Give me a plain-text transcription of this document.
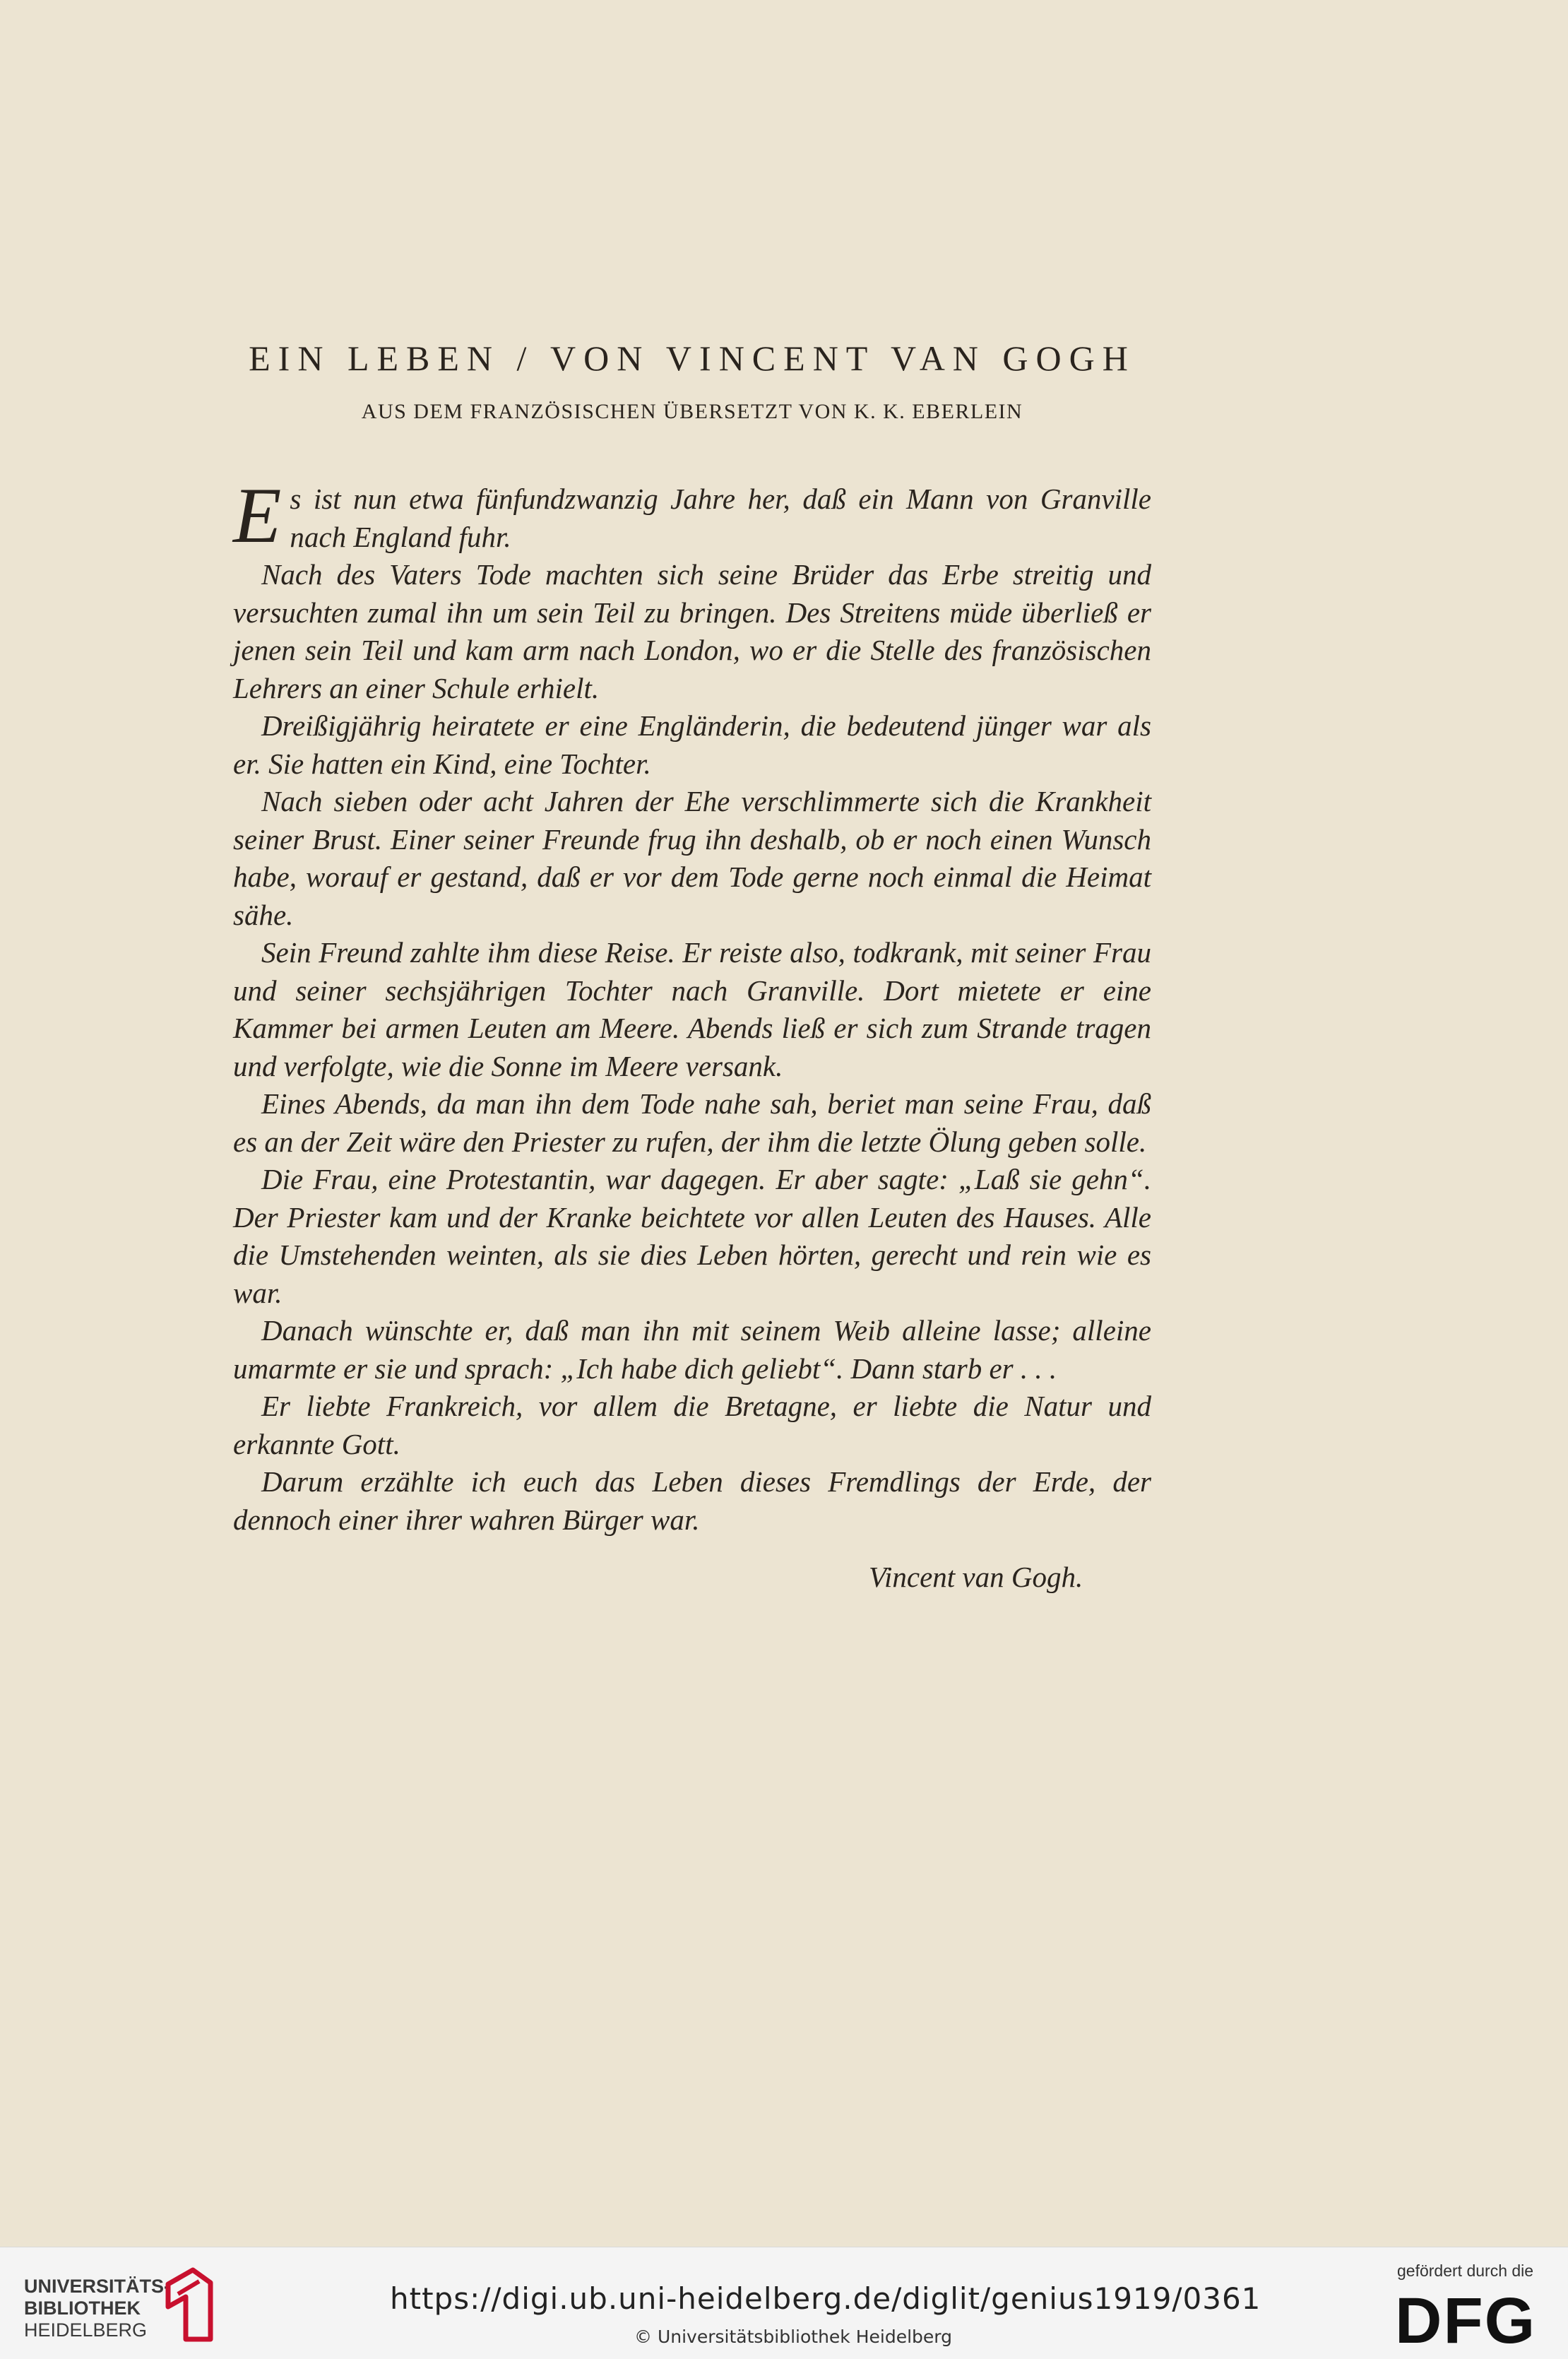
EIN LEBEN / VON VINCENT VAN GOGH
AUS DEM FRANZÖSISCHEN ÜBERSETZT VON K. K. EBERLEIN

Es ist nun etwa fünfundzwanzig Jahre her, daß ein Mann von Granville nach England fuhr.

Nach des Vaters Tode machten sich seine Brüder das Erbe streitig und versuchten zumal ihn um sein Teil zu bringen. Des Streitens müde überließ er jenen sein Teil und kam arm nach London, wo er die Stelle des französischen Lehrers an einer Schule erhielt.

Dreißigjährig heiratete er eine Engländerin, die bedeutend jünger war als er. Sie hatten ein Kind, eine Tochter.

Nach sieben oder acht Jahren der Ehe verschlimmerte sich die Krankheit seiner Brust. Einer seiner Freunde frug ihn deshalb, ob er noch einen Wunsch habe, worauf er gestand, daß er vor dem Tode gerne noch einmal die Heimat sähe.

Sein Freund zahlte ihm diese Reise. Er reiste also, todkrank, mit seiner Frau und seiner sechsjährigen Tochter nach Granville. Dort mietete er eine Kammer bei armen Leuten am Meere. Abends ließ er sich zum Strande tragen und verfolgte, wie die Sonne im Meere versank.

Eines Abends, da man ihn dem Tode nahe sah, beriet man seine Frau, daß es an der Zeit wäre den Priester zu rufen, der ihm die letzte Ölung geben solle.

Die Frau, eine Protestantin, war dagegen. Er aber sagte: „Laß sie gehn“. Der Priester kam und der Kranke beichtete vor allen Leuten des Hauses. Alle die Umstehenden weinten, als sie dies Leben hörten, gerecht und rein wie es war.

Danach wünschte er, daß man ihn mit seinem Weib alleine lasse; alleine umarmte er sie und sprach: „Ich habe dich geliebt“. Dann starb er . . .

Er liebte Frankreich, vor allem die Bretagne, er liebte die Natur und erkannte Gott.

Darum erzählte ich euch das Leben dieses Fremdlings der Erde, der dennoch einer ihrer wahren Bürger war.

Vincent van Gogh.
UNIVERSITÄTS-
BIBLIOTHEK
HEIDELBERG
https://digi.ub.uni-heidelberg.de/diglit/genius1919/0361
© Universitätsbibliothek Heidelberg
gefördert durch die
DFG
